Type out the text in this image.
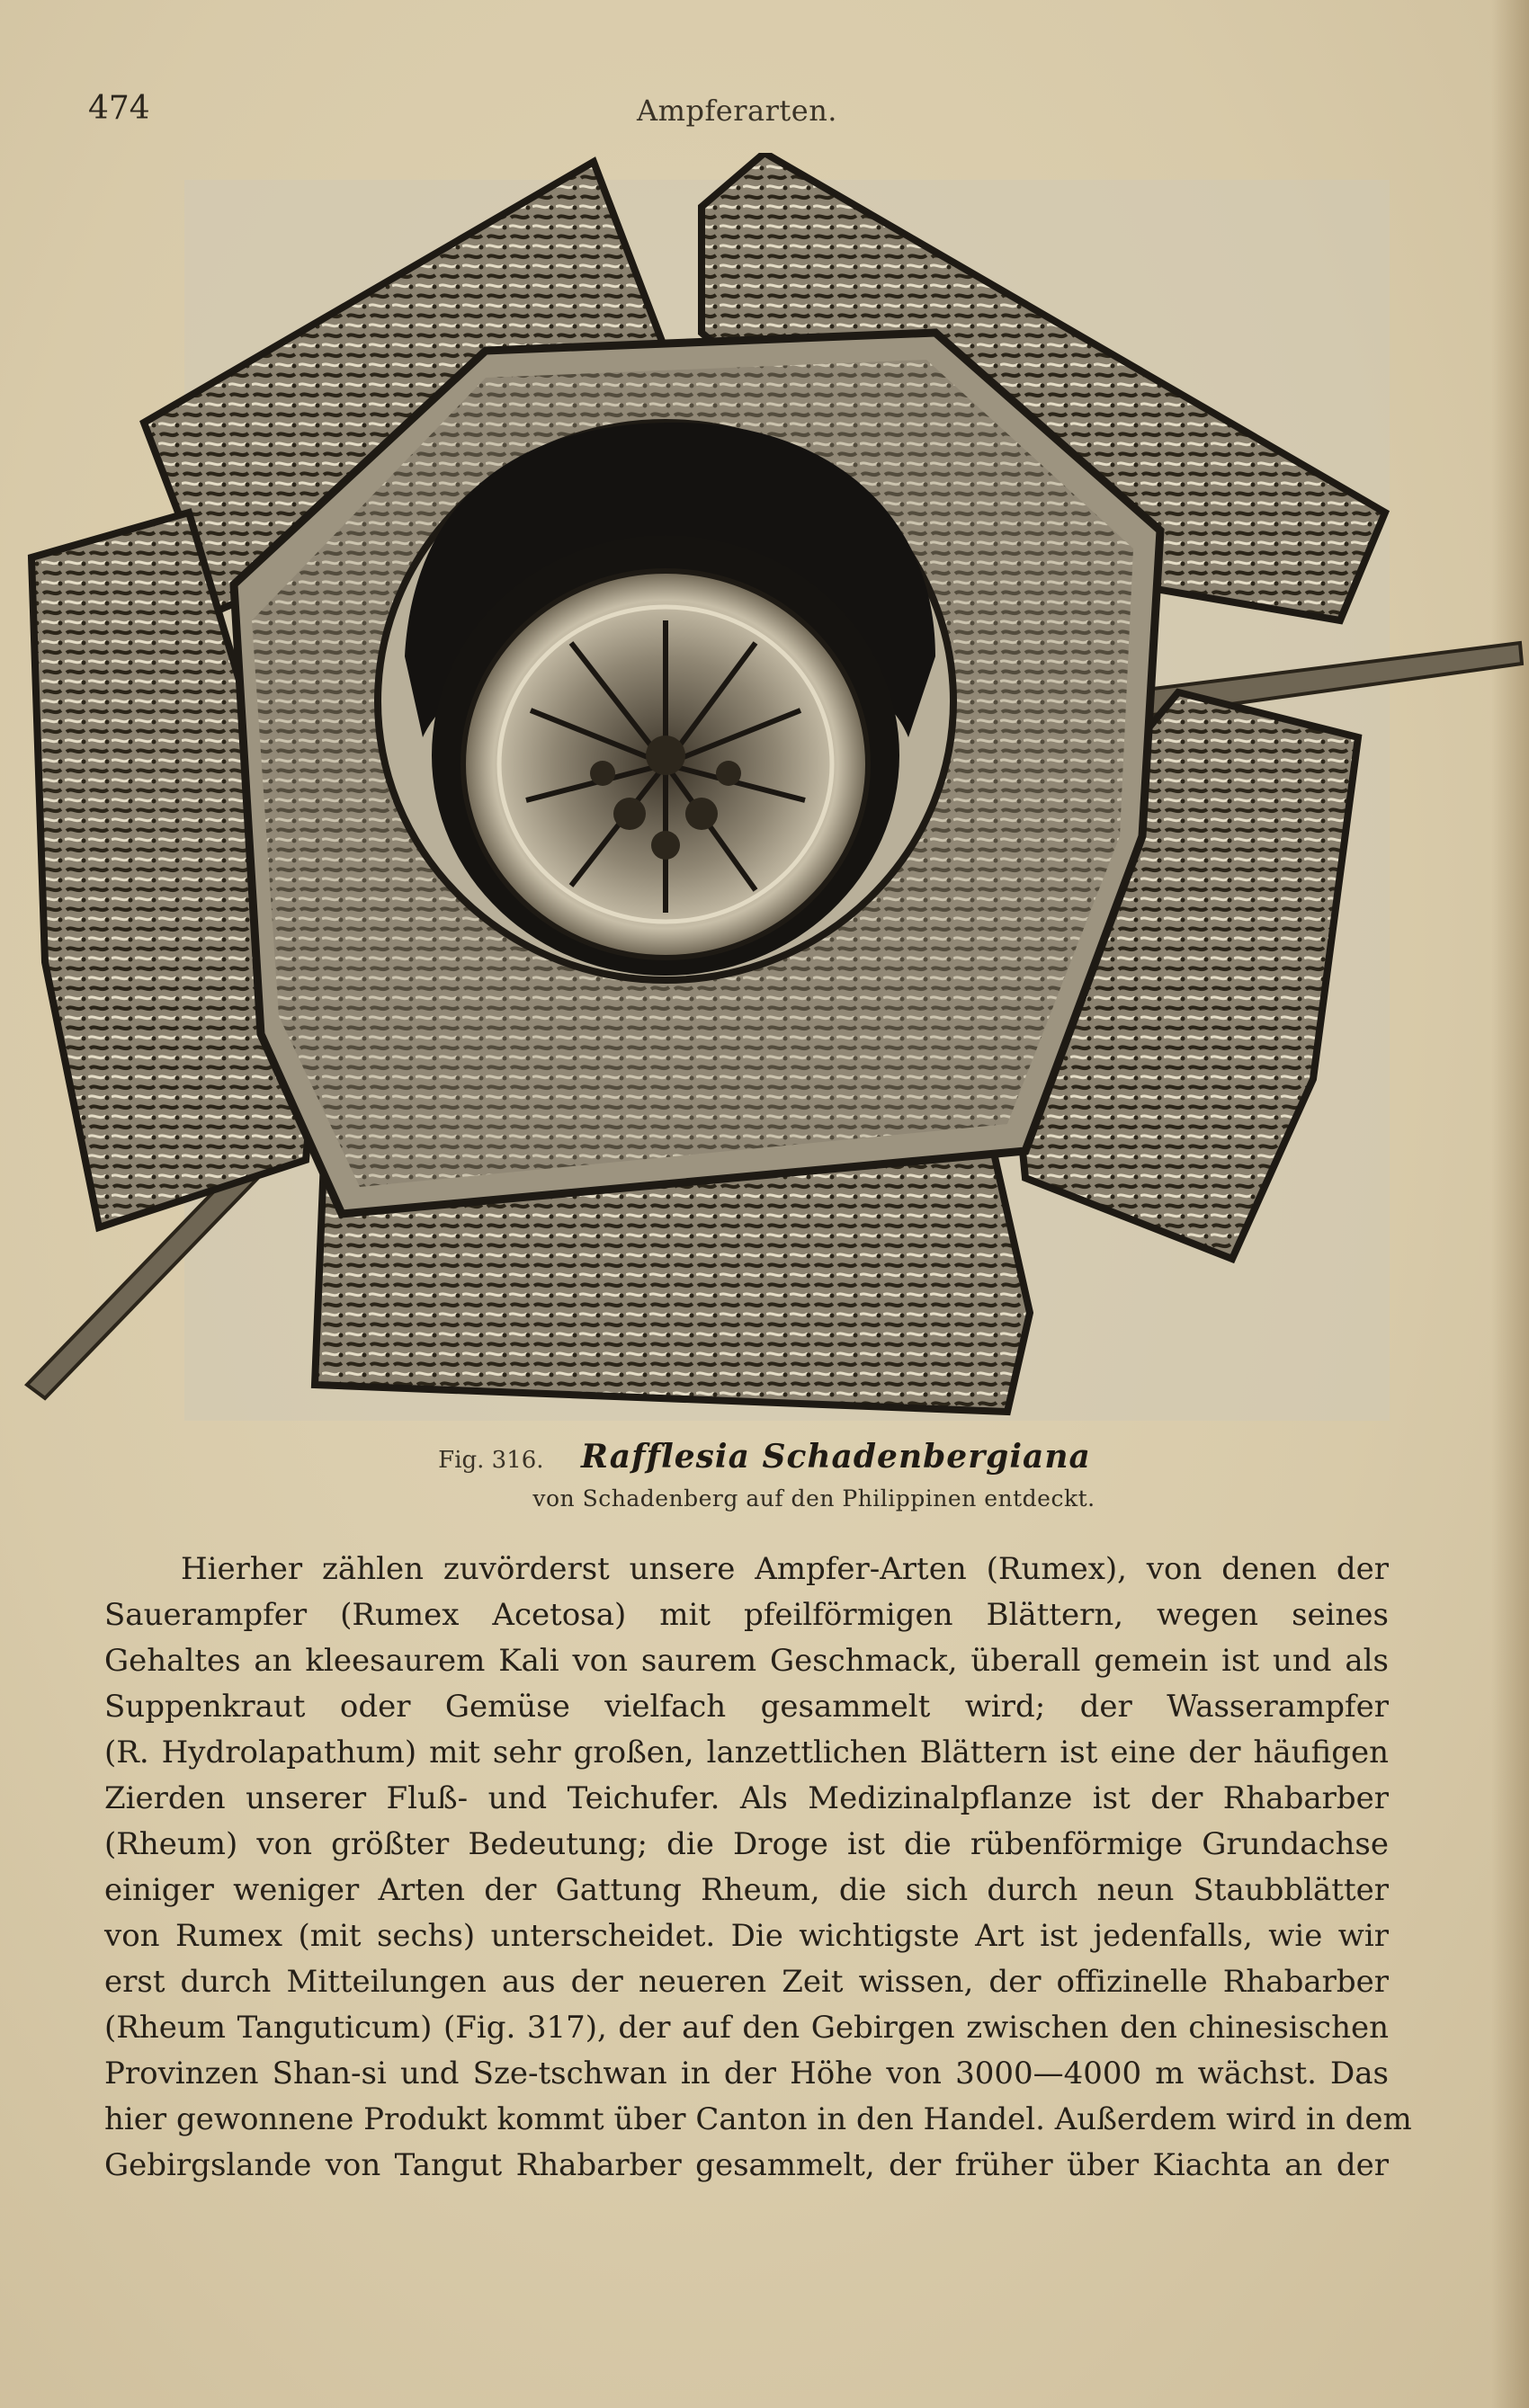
474	Ampferarten.
Fig. 316. Rafflesia Schadenbergiana
von Schadenberg auf den Philippinen entdeckt.
Hierher zählen zuvörderst unsere Ampfer-Arten (Rumex), von denen der
Sauerampfer (Rumex Acetosa) mit pfeilförmigen Blättern, wegen seines
Gehaltes an kleesaurem Kali von saurem Geschmack, überall gemein ist und als
Suppenkraut oder Gemüse vielfach gesammelt wird; der Wasserampfer
(R. Hydrolapathum) mit sehr großen, lanzettlichen Blättern ist eine der häufigen
Zierden unserer Fluß- und Teichufer. Als Medizinalpflanze ist der Rhabarber
(Rheum) von größter Bedeutung; die Droge ist die rübenförmige Grundachse
einiger weniger Arten der Gattung Rheum, die sich durch neun Staubblätter
von Rumex (mit sechs) unterscheidet. Die wichtigste Art ist jedenfalls, wie wir
erst durch Mitteilungen aus der neueren Zeit wissen, der offizinelle Rhabarber
(Rheum Tanguticum) (Fig. 317), der auf den Gebirgen zwischen den chinesischen
Provinzen Shan-si und Sze-tschwan in der Höhe von 3000—4000 m wächst. Das
hier gewonnene Produkt kommt über Canton in den Handel. Außerdem wird in dem
Gebirgslande von Tangut Rhabarber gesammelt, der früher über Kiachta an der
